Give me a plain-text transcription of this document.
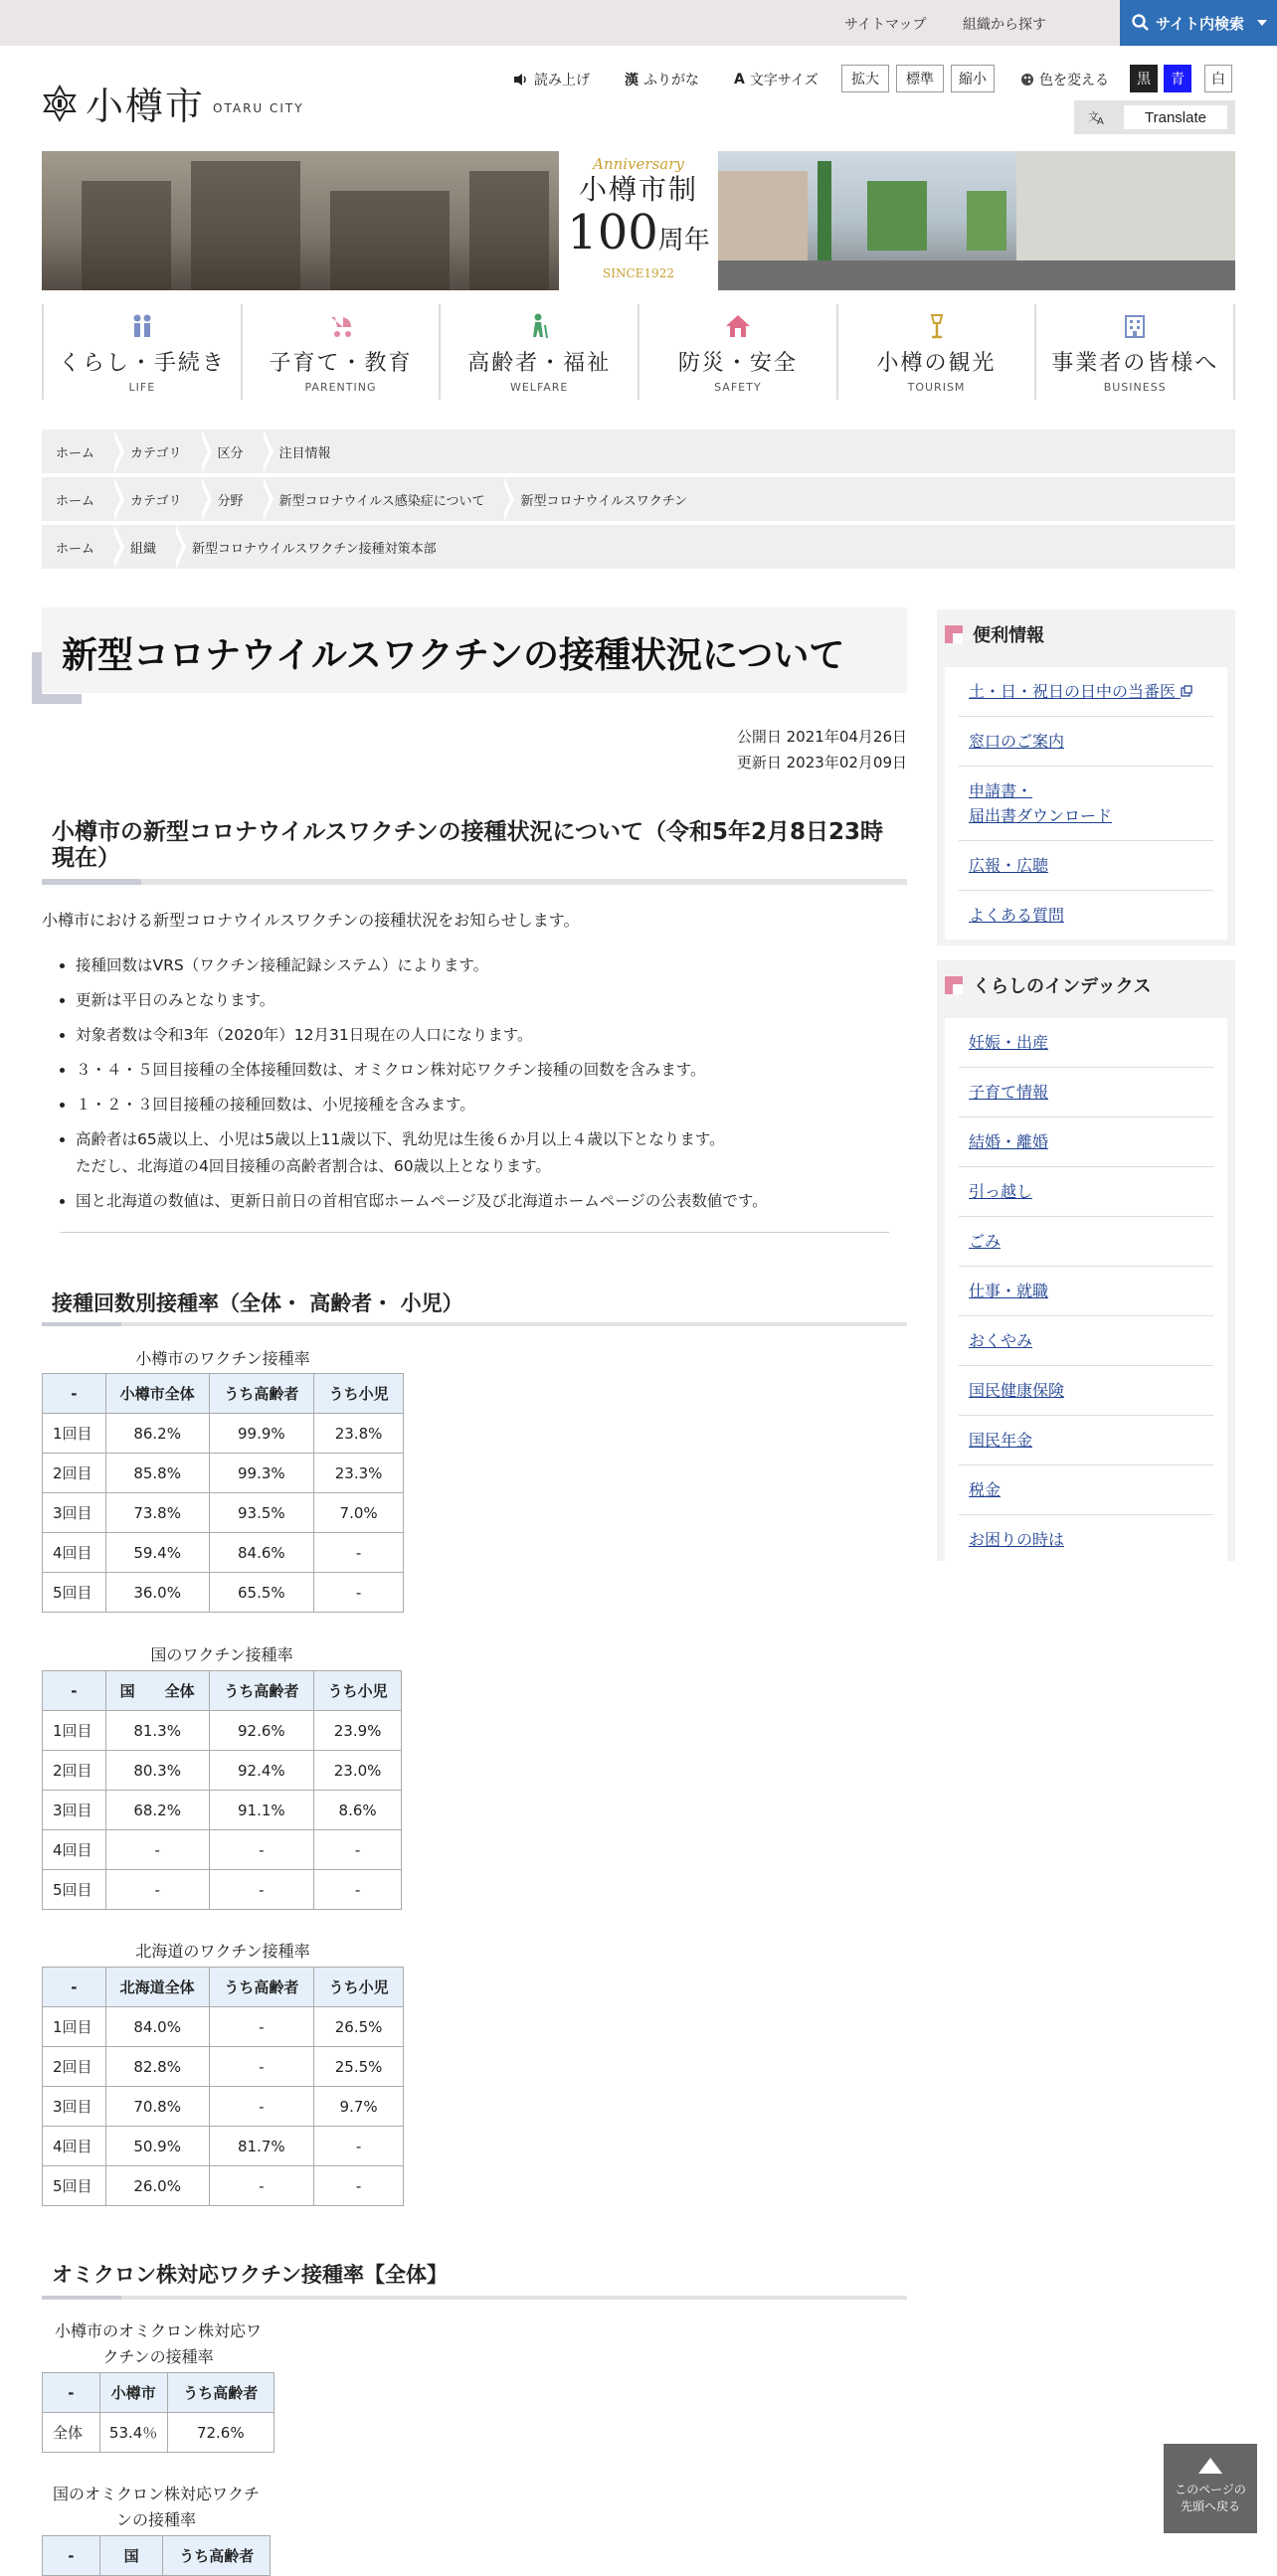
サイトマップ	組織から探す	サイト内検索
小樽市 OTARU CITY
読み上げ	漢 ふりがな	A 文字サイズ	拡大	標準	縮小	色を変える	黒	青	白
文
A	Translate
Anniversary
小樽市制
100周年
SINCE1922
くらし・手続き
LIFE
子育て・教育
PARENTING
高齢者・福祉
WELFARE
防災・安全
SAFETY
小樽の観光
TOURISM
事業者の皆様へ
BUSINESS
ホーム	カテゴリ	区分	注目情報
ホーム	カテゴリ	分野	新型コロナウイルス感染症について	新型コロナウイルスワクチン
ホーム	組織	新型コロナウイルスワクチン接種対策本部
新型コロナウイルスワクチンの接種状況について
公開日 2021年04月26日
更新日 2023年02月09日
小樽市の新型コロナウイルスワクチンの接種状況について（令和5年2月8日23時
現在）
小樽市における新型コロナウイルスワクチンの接種状況をお知らせします。
• 接種回数はVRS（ワクチン接種記録システム）によります。
• 更新は平日のみとなります。
• 対象者数は令和3年（2020年）12月31日現在の人口になります。
• ３・４・５回目接種の全体接種回数は、オミクロン株対応ワクチン接種の回数を含みます。
• １・２・３回目接種の接種回数は、小児接種を含みます。
• 高齢者は65歳以上、小児は5歳以上11歳以下、乳幼児は生後６か月以上４歳以下となります。
ただし、北海道の4回目接種の高齢者割合は、60歳以上となります。
• 国と北海道の数値は、更新日前日の首相官邸ホームページ及び北海道ホームページの公表数値です。
接種回数別接種率（全体・ 高齢者・ 小児）
小樽市のワクチン接種率
-	小樽市全体	うち高齢者	うち小児
1回目	86.2%	99.9%	23.8%
2回目	85.8%	99.3%	23.3%
3回目	73.8%	93.5%	7.0%
4回目	59.4%	84.6%	-
5回目	36.0%	65.5%	-
国のワクチン接種率
-	国　　全体	うち高齢者	うち小児
1回目	81.3%	92.6%	23.9%
2回目	80.3%	92.4%	23.0%
3回目	68.2%	91.1%	8.6%
4回目	-	-	-
5回目	-	-	-
北海道のワクチン接種率
-	北海道全体	うち高齢者	うち小児
1回目	84.0%	-	26.5%
2回目	82.8%	-	25.5%
3回目	70.8%	-	9.7%
4回目	50.9%	81.7%	-
5回目	26.0%	-	-
オミクロン株対応ワクチン接種率【全体】
小樽市のオミクロン株対応ワ
クチンの接種率
-	小樽市	うち高齢者
全体	53.4％	72.6%
国のオミクロン株対応ワクチ
ンの接種率
-	国	うち高齢者
便利情報
土・日・祝日の日中の当番医
窓口のご案内
申請書・
届出書ダウンロード
広報・広聴
よくある質問
くらしのインデックス
妊娠・出産
子育て情報
結婚・離婚
引っ越し
ごみ
仕事・就職
おくやみ
国民健康保険
国民年金
税金
お困りの時は
このページの
先頭へ戻る
